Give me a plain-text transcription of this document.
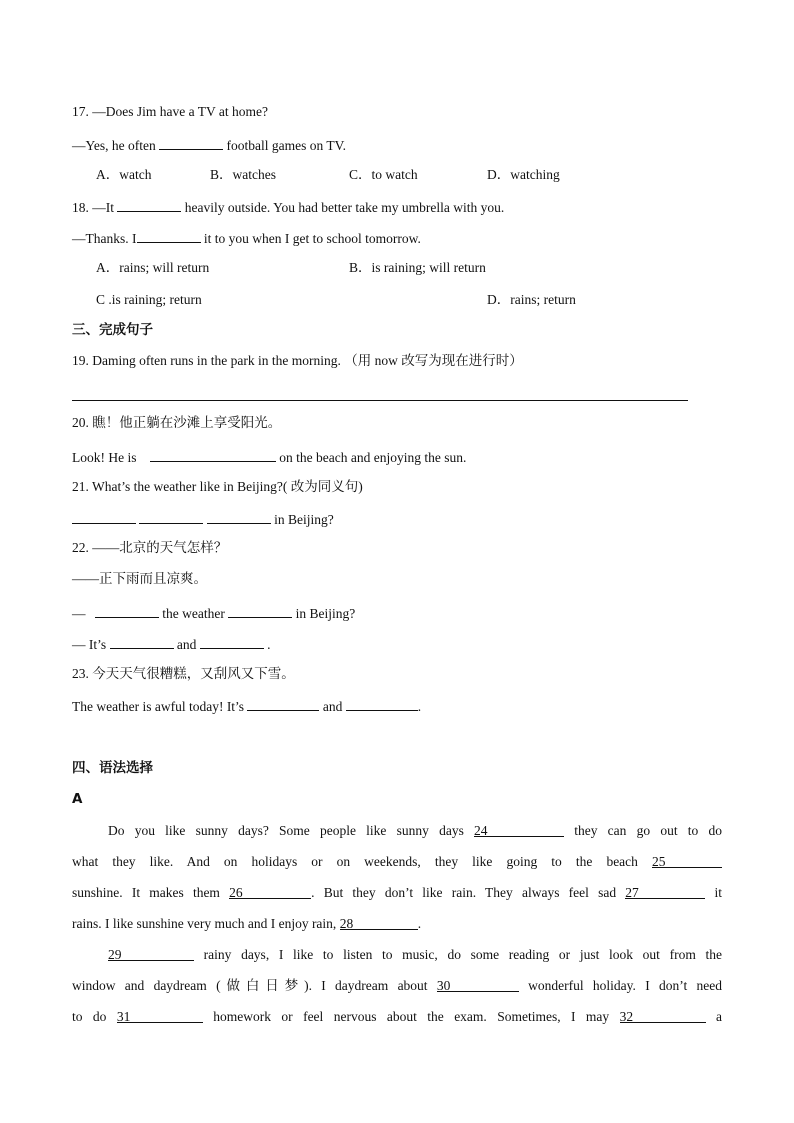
17. —Does Jim have a TV at home?
—Yes, he often	football games on TV.
A．watch	B．watches	C．to watch	D．watching
18. —It	heavily outside. You had better take my umbrella with you.
—Thanks. I	it to you when I get to school tomorrow.
A．rains; will return	B．is raining; will return
C .is raining; return	D．rains; return
三、完成句子
19. Daming often runs in the park in the morning. （用 now 改写为现在进行时）
20. 瞧！他正躺在沙滩上享受阳光。
Look! He is	on the beach and enjoying the sun.
21. What’s the weather like in Beijing?( 改为同义句)
in Beijing?
22. ——北京的天气怎样？
——正下雨而且凉爽。
—	the weather	in Beijing?
— It’s	and	.
23. 今天天气很糟糕，又刮风又下雪。
The weather is awful today! It’s	and	.
四、语法选择
A
Do you like sunny days? Some people like sunny days 24	they can go out to do
what they like. And on holidays or on weekends, they like going to the beach 25
sunshine. It makes them 26	. But they don’t like rain. They always feel sad 27	it
rains. I like sunshine very much and I enjoy rain, 28	.
29	rainy days, I like to listen to music, do some reading or just look out from the
window and daydream (做白日梦). I daydream about 30	wonderful holiday. I don’t need
to do 31	homework or feel nervous about the exam. Sometimes, I may 32	a
